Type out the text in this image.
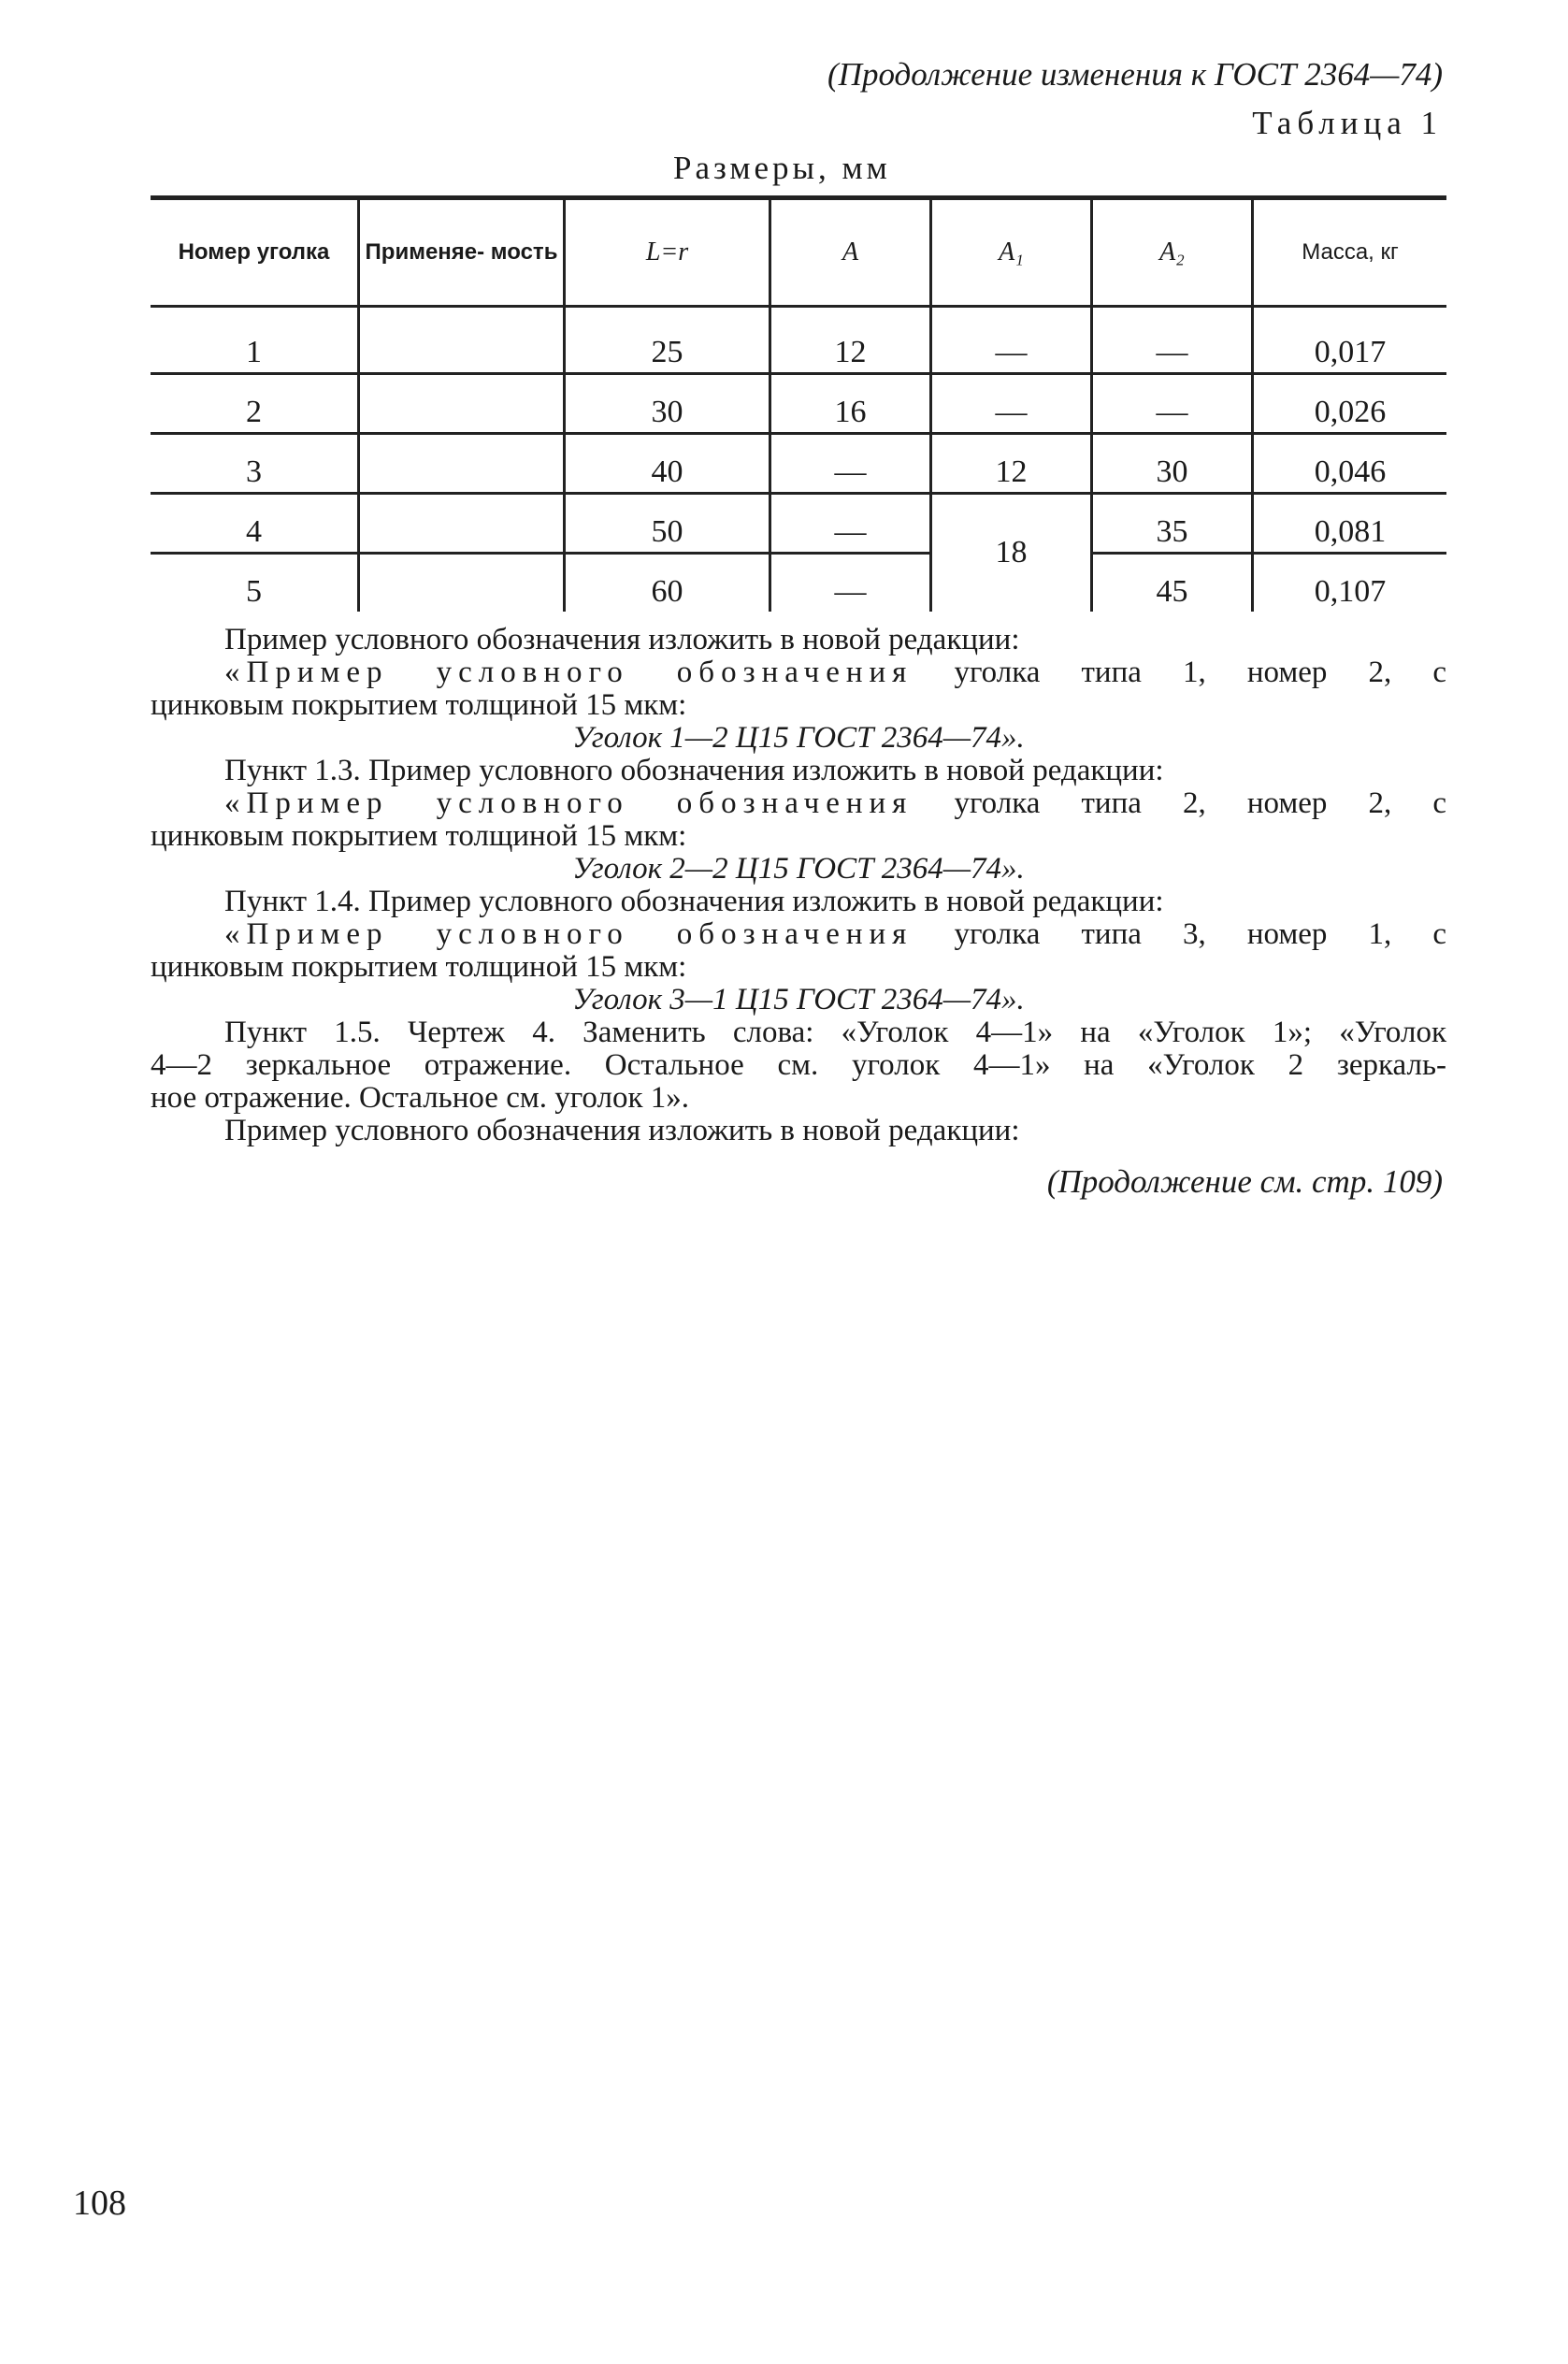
(Продолжение изменения к ГОСТ 2364—74)
Таблица 1
Размеры, мм
Номер уголка	Применяе- мость	L=r	A	A₁	A₂	Масса, кг
1		25	12	—	—	0,017
2		30	16	—	—	0,026
3		40	—	12	30	0,046
4		50	—	18	35	0,081
5		60	—		45	0,107
Пример условного обозначения изложить в новой редакции:
«Пример условного обозначения уголка типа 1, номер 2, с
цинковым покрытием толщиной 15 мкм:
Уголок 1—2 Ц15 ГОСТ 2364—74».
Пункт 1.3. Пример условного обозначения изложить в новой редакции:
«Пример условного обозначения уголка типа 2, номер 2, с
цинковым покрытием толщиной 15 мкм:
Уголок 2—2 Ц15 ГОСТ 2364—74».
Пункт 1.4. Пример условного обозначения изложить в новой редакции:
«Пример условного обозначения уголка типа 3, номер 1, с
цинковым покрытием толщиной 15 мкм:
Уголок 3—1 Ц15 ГОСТ 2364—74».
Пункт 1.5. Чертеж 4. Заменить слова: «Уголок 4—1» на «Уголок 1»; «Уголок
4—2 зеркальное отражение. Остальное см. уголок 4—1» на «Уголок 2 зеркаль-
ное отражение. Остальное см. уголок 1».
Пример условного обозначения изложить в новой редакции:
(Продолжение см. стр. 109)
108
